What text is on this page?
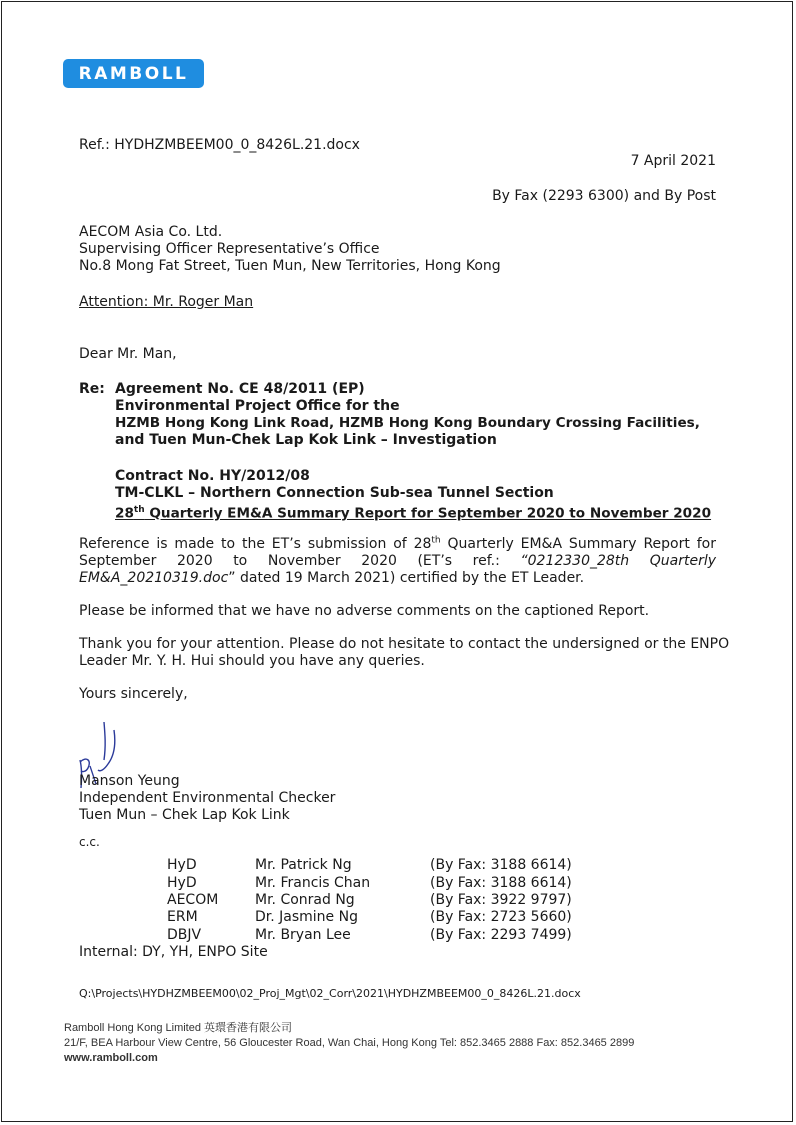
RAMBOLL
Ref.: HYDHZMBEEM00_0_8426L.21.docx
7 April 2021
By Fax (2293 6300) and By Post
AECOM Asia Co. Ltd.
Supervising Officer Representative’s Office
No.8 Mong Fat Street, Tuen Mun, New Territories, Hong Kong
Attention: Mr. Roger Man
Dear Mr. Man,
Re: Agreement No. CE 48/2011 (EP)
Environmental Project Office for the
HZMB Hong Kong Link Road, HZMB Hong Kong Boundary Crossing Facilities,
and Tuen Mun-Chek Lap Kok Link – Investigation
Contract No. HY/2012/08
TM-CLKL – Northern Connection Sub-sea Tunnel Section
28th Quarterly EM&A Summary Report for September 2020 to November 2020
Reference is made to the ET’s submission of 28th Quarterly EM&A Summary Report for
September 2020 to November 2020 (ET’s ref.: “0212330_28th Quarterly
EM&A_20210319.doc” dated 19 March 2021) certified by the ET Leader.
Please be informed that we have no adverse comments on the captioned Report.
Thank you for your attention. Please do not hesitate to contact the undersigned or the ENPO
Leader Mr. Y. H. Hui should you have any queries.
Yours sincerely,
Manson Yeung
Independent Environmental Checker
Tuen Mun – Chek Lap Kok Link
c.c.
HyD	Mr. Patrick Ng	(By Fax: 3188 6614)
HyD	Mr. Francis Chan	(By Fax: 3188 6614)
AECOM	Mr. Conrad Ng	(By Fax: 3922 9797)
ERM	Dr. Jasmine Ng	(By Fax: 2723 5660)
DBJV	Mr. Bryan Lee	(By Fax: 2293 7499)
Internal: DY, YH, ENPO Site
Q:\Projects\HYDHZMBEEM00\02_Proj_Mgt\02_Corr\2021\HYDHZMBEEM00_0_8426L.21.docx
Ramboll Hong Kong Limited 英環香港有限公司
21/F, BEA Harbour View Centre, 56 Gloucester Road, Wan Chai, Hong Kong Tel: 852.3465 2888 Fax: 852.3465 2899
www.ramboll.com
